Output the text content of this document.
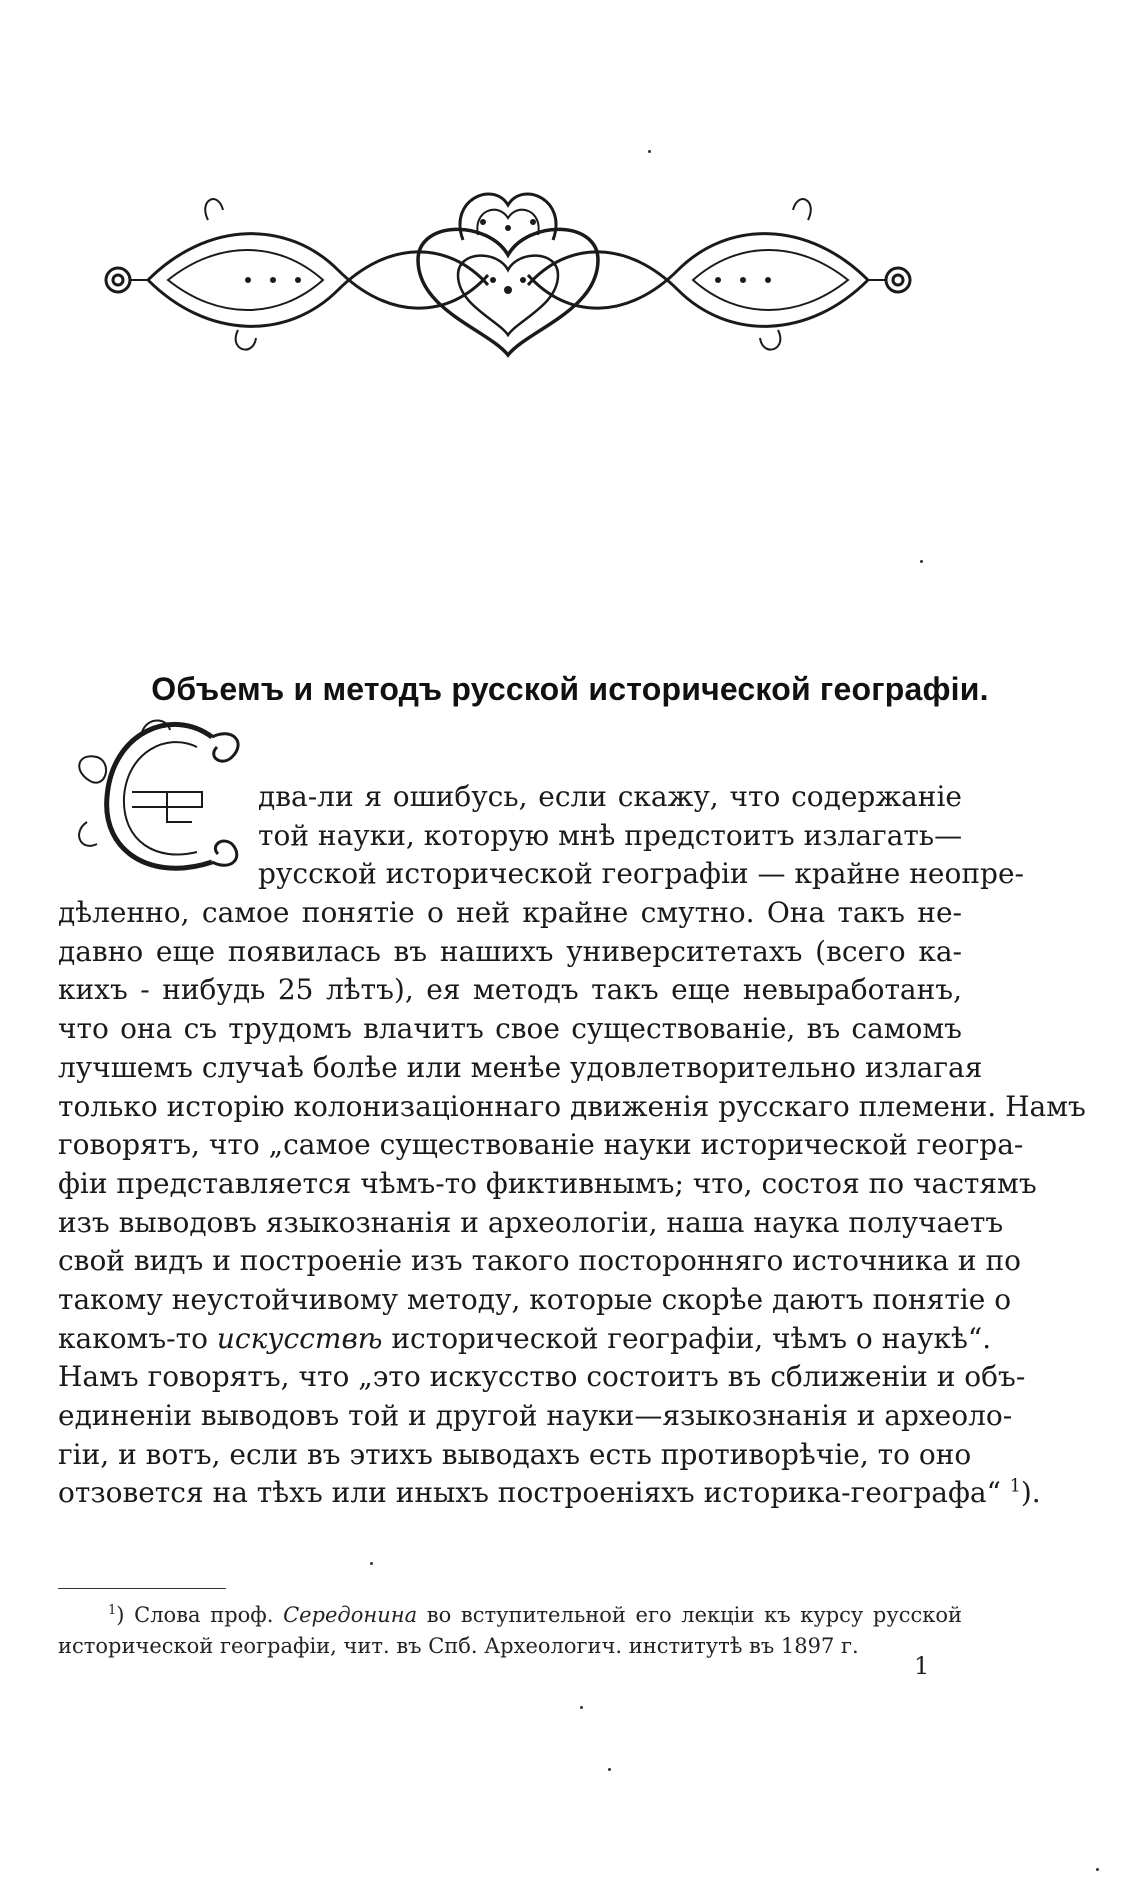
Объемъ и методъ русской исторической географіи.
два-ли я ошибусь, если скажу, что содержаніе
той науки, которую мнѣ предстоитъ излагать—
русской исторической географіи — крайне неопре-
дѣленно, самое понятіе о ней крайне смутно. Она такъ не-
давно еще появилась въ нашихъ университетахъ (всего ка-
кихъ - нибудь 25 лѣтъ), ея методъ такъ еще невыработанъ,
что она съ трудомъ влачитъ свое существованіе, въ самомъ
лучшемъ случаѣ болѣе или менѣе удовлетворительно излагая
только исторію колонизаціоннаго движенія русскаго племени. Намъ
говорятъ, что „самое существованіе науки исторической геогра-
фіи представляется чѣмъ-то фиктивнымъ; что, состоя по частямъ
изъ выводовъ языкознанія и археологіи, наша наука получаетъ
свой видъ и построеніе изъ такого посторонняго источника и по
такому неустойчивому методу, которые скорѣе даютъ понятіе о
какомъ-то искусствѣ исторической географіи, чѣмъ о наукѣ“.
Намъ говорятъ, что „это искусство состоитъ въ сближеніи и объ-
единеніи выводовъ той и другой науки—языкознанія и археоло-
гіи, и вотъ, если въ этихъ выводахъ есть противорѣчіе, то оно
отзовется на тѣхъ или иныхъ построеніяхъ историка-географа“ $^1$).
$^1$) Слова проф. Середонина во вступительной его лекціи къ курсу русской
исторической географіи, чит. въ Спб. Археологич. институтѣ въ 1897 г.
1
